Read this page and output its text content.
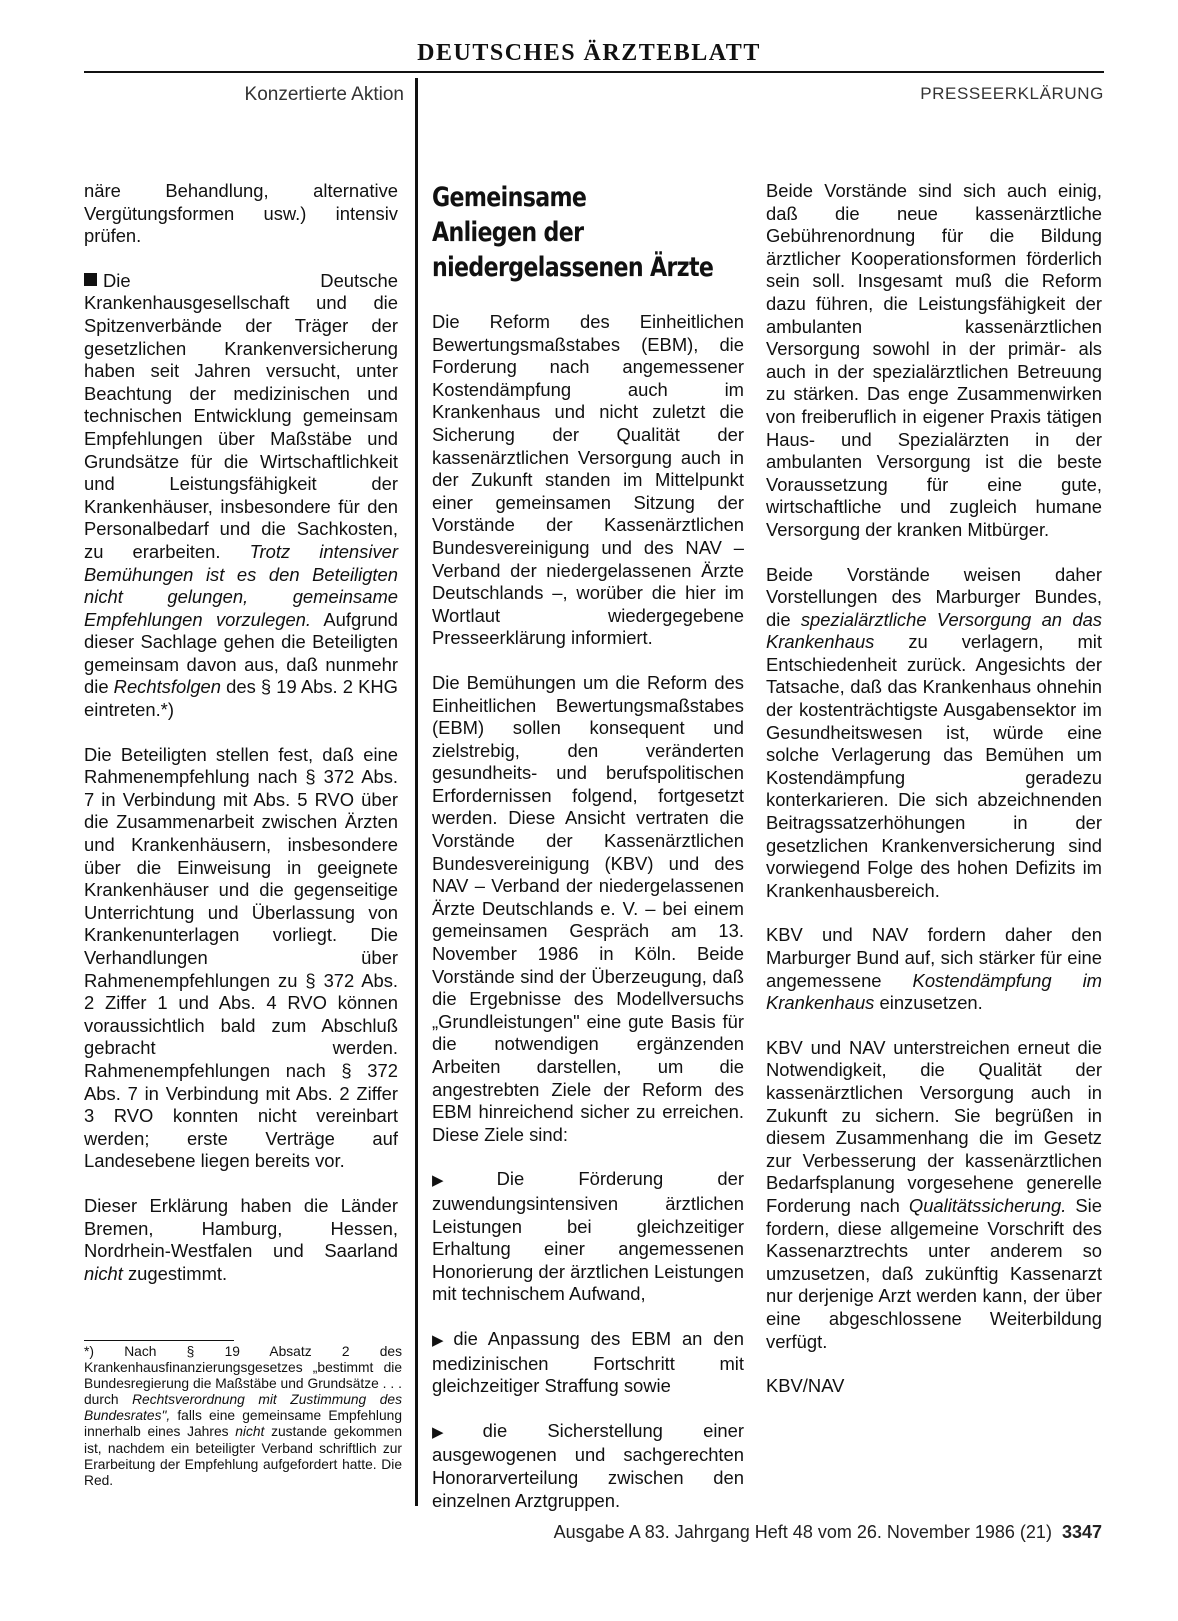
DEUTSCHES ÄRZTEBLATT
Konzertierte Aktion	PRESSEERKLÄRUNG

näre Behandlung, alternative Vergütungsformen usw.) intensiv prüfen.

Die Deutsche Krankenhausgesellschaft und die Spitzenverbände der Träger der gesetzlichen Krankenversicherung haben seit Jahren versucht, unter Beachtung der medizinischen und technischen Entwicklung gemeinsam Empfehlungen über Maßstäbe und Grundsätze für die Wirtschaftlichkeit und Leistungsfähigkeit der Krankenhäuser, insbesondere für den Personalbedarf und die Sachkosten, zu erarbeiten. Trotz intensiver Bemühungen ist es den Beteiligten nicht gelungen, gemeinsame Empfehlungen vorzulegen. Aufgrund dieser Sachlage gehen die Beteiligten gemeinsam davon aus, daß nunmehr die Rechtsfolgen des § 19 Abs. 2 KHG eintreten.*)

Die Beteiligten stellen fest, daß eine Rahmenempfehlung nach § 372 Abs. 7 in Verbindung mit Abs. 5 RVO über die Zusammenarbeit zwischen Ärzten und Krankenhäusern, insbesondere über die Einweisung in geeignete Krankenhäuser und die gegenseitige Unterrichtung und Überlassung von Krankenunterlagen vorliegt. Die Verhandlungen über Rahmenempfehlungen zu § 372 Abs. 2 Ziffer 1 und Abs. 4 RVO können voraussichtlich bald zum Abschluß gebracht werden. Rahmenempfehlungen nach § 372 Abs. 7 in Verbindung mit Abs. 2 Ziffer 3 RVO konnten nicht vereinbart werden; erste Verträge auf Landesebene liegen bereits vor.

Dieser Erklärung haben die Länder Bremen, Hamburg, Hessen, Nordrhein-Westfalen und Saarland nicht zugestimmt.

*) Nach § 19 Absatz 2 des Krankenhausfinanzierungsgesetzes „bestimmt die Bundesregierung die Maßstäbe und Grundsätze . . . durch Rechtsverordnung mit Zustimmung des Bundesrates", falls eine gemeinsame Empfehlung innerhalb eines Jahres nicht zustande gekommen ist, nachdem ein beteiligter Verband schriftlich zur Erarbeitung der Empfehlung aufgefordert hatte. Die Red.
Gemeinsame
Anliegen der
niedergelassenen Ärzte

Die Reform des Einheitlichen Bewertungsmaßstabes (EBM), die Forderung nach angemessener Kostendämpfung auch im Krankenhaus und nicht zuletzt die Sicherung der Qualität der kassenärztlichen Versorgung auch in der Zukunft standen im Mittelpunkt einer gemeinsamen Sitzung der Vorstände der Kassenärztlichen Bundesvereinigung und des NAV – Verband der niedergelassenen Ärzte Deutschlands –, worüber die hier im Wortlaut wiedergegebene Presseerklärung informiert.

Die Bemühungen um die Reform des Einheitlichen Bewertungsmaßstabes (EBM) sollen konsequent und zielstrebig, den veränderten gesundheits- und berufspolitischen Erfordernissen folgend, fortgesetzt werden. Diese Ansicht vertraten die Vorstände der Kassenärztlichen Bundesvereinigung (KBV) und des NAV – Verband der niedergelassenen Ärzte Deutschlands e. V. – bei einem gemeinsamen Gespräch am 13. November 1986 in Köln. Beide Vorstände sind der Überzeugung, daß die Ergebnisse des Modellversuchs „Grundleistungen" eine gute Basis für die notwendigen ergänzenden Arbeiten darstellen, um die angestrebten Ziele der Reform des EBM hinreichend sicher zu erreichen. Diese Ziele sind:

▶ Die Förderung der zuwendungsintensiven ärztlichen Leistungen bei gleichzeitiger Erhaltung einer angemessenen Honorierung der ärztlichen Leistungen mit technischem Aufwand,

▶ die Anpassung des EBM an den medizinischen Fortschritt mit gleichzeitiger Straffung sowie

▶ die Sicherstellung einer ausgewogenen und sachgerechten Honorarverteilung zwischen den einzelnen Arztgruppen.

Beide Vorstände sind sich auch einig, daß die neue kassenärztliche Gebührenordnung für die Bildung ärztlicher Kooperationsformen förderlich sein soll. Insgesamt muß die Reform dazu führen, die Leistungsfähigkeit der ambulanten kassenärztlichen Versorgung sowohl in der primär- als auch in der spezialärztlichen Betreuung zu stärken. Das enge Zusammenwirken von freiberuflich in eigener Praxis tätigen Haus- und Spezialärzten in der ambulanten Versorgung ist die beste Voraussetzung für eine gute, wirtschaftliche und zugleich humane Versorgung der kranken Mitbürger.

Beide Vorstände weisen daher Vorstellungen des Marburger Bundes, die spezialärztliche Versorgung an das Krankenhaus zu verlagern, mit Entschiedenheit zurück. Angesichts der Tatsache, daß das Krankenhaus ohnehin der kostenträchtigste Ausgabensektor im Gesundheitswesen ist, würde eine solche Verlagerung das Bemühen um Kostendämpfung geradezu konterkarieren. Die sich abzeichnenden Beitragssatzerhöhungen in der gesetzlichen Krankenversicherung sind vorwiegend Folge des hohen Defizits im Krankenhausbereich.

KBV und NAV fordern daher den Marburger Bund auf, sich stärker für eine angemessene Kostendämpfung im Krankenhaus einzusetzen.

KBV und NAV unterstreichen erneut die Notwendigkeit, die Qualität der kassenärztlichen Versorgung auch in Zukunft zu sichern. Sie begrüßen in diesem Zusammenhang die im Gesetz zur Verbesserung der kassenärztlichen Bedarfsplanung vorgesehene generelle Forderung nach Qualitätssicherung. Sie fordern, diese allgemeine Vorschrift des Kassenarztrechts unter anderem so umzusetzen, daß zukünftig Kassenarzt nur derjenige Arzt werden kann, der über eine abgeschlossene Weiterbildung verfügt.

KBV/NAV

Ausgabe A 83. Jahrgang Heft 48 vom 26. November 1986 (21) 3347
